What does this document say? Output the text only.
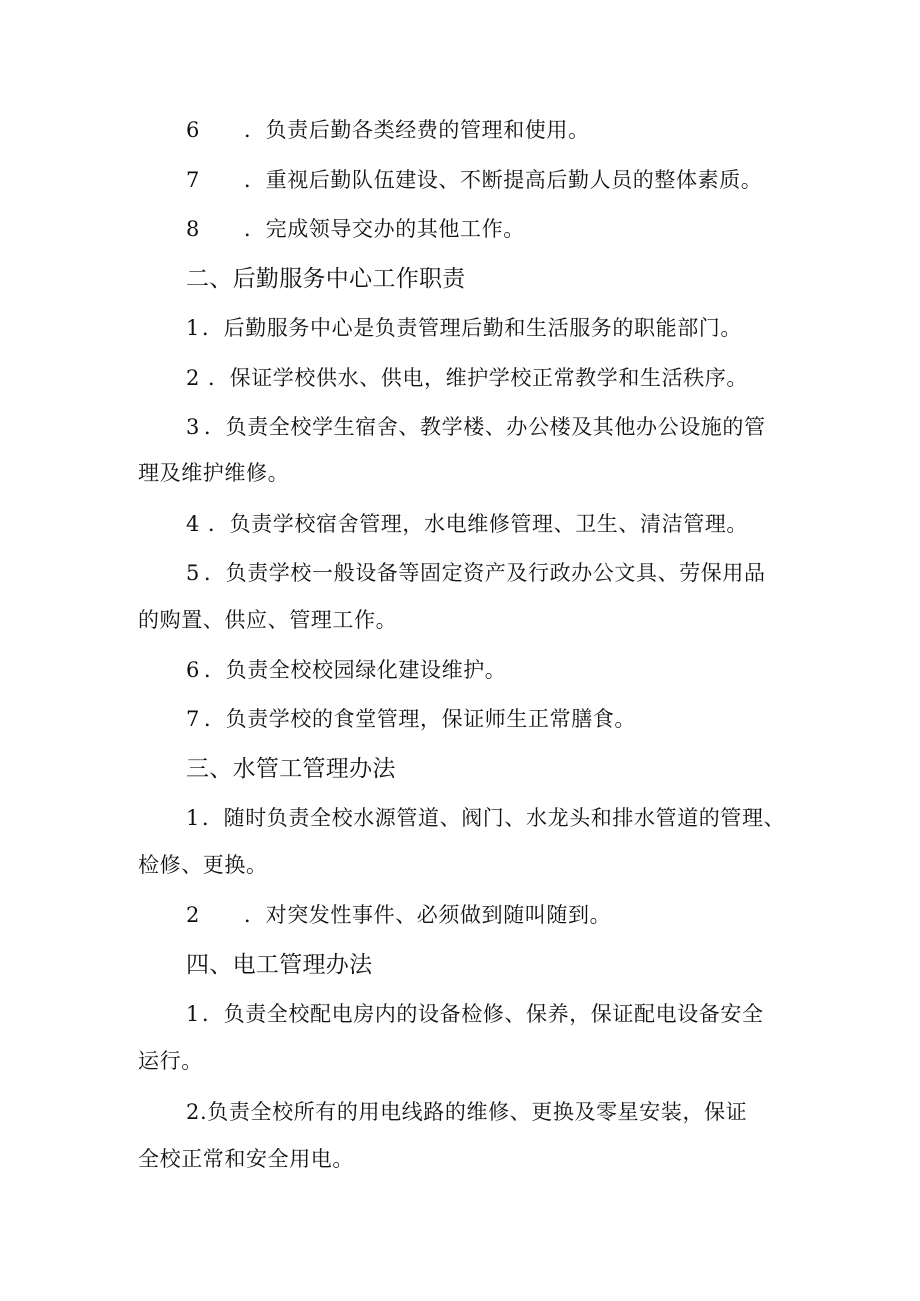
6 ．负责后勤各类经费的管理和使用。
7 ．重视后勤队伍建设、不断提高后勤人员的整体素质。
8 ．完成领导交办的其他工作。
二、后勤服务中心工作职责
1．后勤服务中心是负责管理后勤和生活服务的职能部门。
2 ．保证学校供水、供电，维护学校正常教学和生活秩序。
3 ．负责全校学生宿舍、教学楼、办公楼及其他办公设施的管
理及维护维修。
4 ．负责学校宿舍管理，水电维修管理、卫生、清洁管理。
5 ．负责学校一般设备等固定资产及行政办公文具、劳保用品
的购置、供应、管理工作。
6 ．负责全校校园绿化建设维护。
7 ．负责学校的食堂管理，保证师生正常膳食。
三、水管工管理办法
1．随时负责全校水源管道、阀门、水龙头和排水管道的管理、
检修、更换。
2 ．对突发性事件、必须做到随叫随到。
四、电工管理办法
1．负责全校配电房内的设备检修、保养，保证配电设备安全
运行。
2.负责全校所有的用电线路的维修、更换及零星安装，保证
全校正常和安全用电。
